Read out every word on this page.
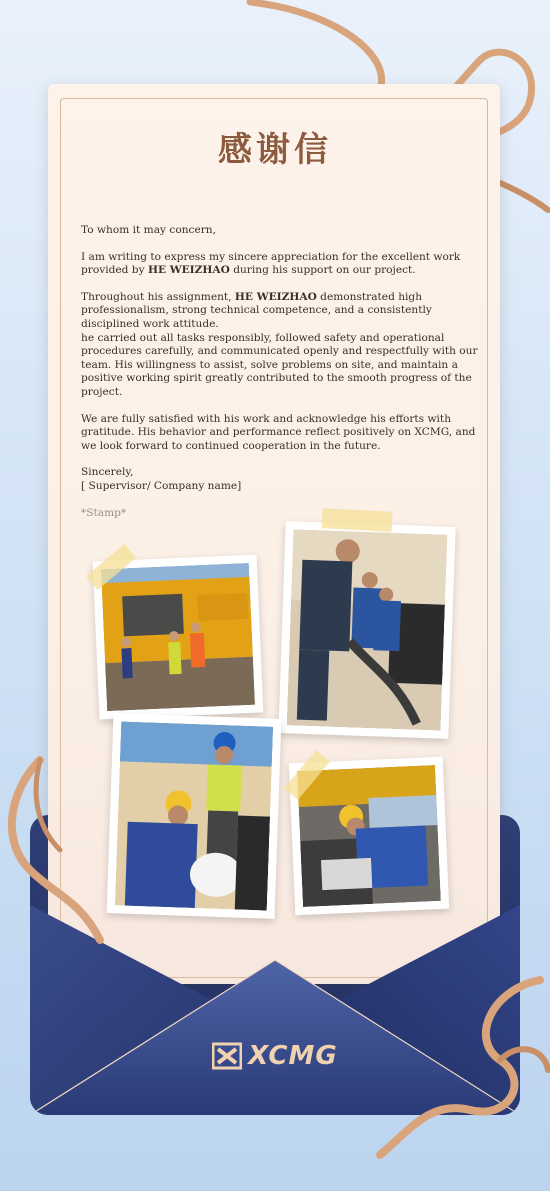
感谢信

To whom it may concern,

I am writing to express my sincere appreciation for the excellent work provided by HE WEIZHAO during his support on our project.

Throughout his assignment, HE WEIZHAO demonstrated high professionalism, strong technical competence, and a consistently disciplined work attitude.

he carried out all tasks responsibly, followed safety and operational procedures carefully, and communicated openly and respectfully with our team. His willingness to assist, solve problems on site, and maintain a positive working spirit greatly contributed to the smooth progress of the project.

We are fully satisfied with his work and acknowledge his efforts with gratitude. His behavior and performance reflect positively on XCMG, and we look forward to continued cooperation in the future.

Sincerely,

[ Supervisor/ Company name]

*Stamp*

XCMG
